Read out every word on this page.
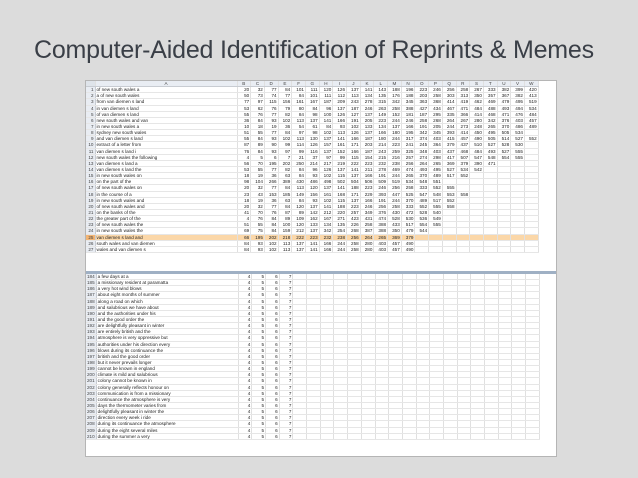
Computer-Aided Identification of Reprints & Memes
	A	B	C	D	E	F	G	H	I	J	K	L	M	N	O	P	Q	R	S	T	U	V	W
1	of new south wales a	20	32	77	84	101	111	120	126	137	141	143	188	196	223	246	256	258	267	333	382	399	420
2	a of new south wales	50	73	74	77	84	101	111	112	113	134	135	176	188	203	258	303	313	350	357	367	382	413
3	from van diemen s land	77	97	115	156	161	167	187	209	243	278	315	342	345	363	368	414	419	462	469	479	495	519
4	in van diemen s land	53	62	76	79	80	84	96	137	187	246	263	258	388	427	434	467	471	484	488	493	494	534
5	of van diemen s land	55	76	77	82	84	98	100	126	127	137	149	152	181	187	295	335	366	414	468	471	476	484
6	new south wales and van	36	84	93	102	113	137	141	166	191	205	223	244	246	258	268	264	267	280	342	376	403	457
7	in new south wales a	10	18	19	36	54	61	84	93	102	133	134	137	166	191	205	244	273	248	265	370	486	489
8	sydney new south wales	51	55	77	84	97	98	102	113	126	137	166	180	195	342	345	393	414	450	495	505	534	
9	and van diemen s land	55	84	93	102	113	130	137	141	166	187	180	244	317	374	403	415	457	490	505	514	527	552
10	extract of a letter from	87	89	90	99	114	126	157	161	171	203	214	223	241	245	364	379	437	510	527	528	530	
11	van diemen s land i	76	84	93	97	99	116	137	152	166	187	243	259	325	348	403	437	468	484	493	527	555	
12	new south wales the following	4	5	6	7	21	37	97	99	115	154	215	216	257	274	298	417	507	547	548	554	555	
13	van diemen s land a	56	70	195	202	250	214	217	219	222	223	232	238	256	264	265	369	379	390	471			
14	van diemen s land the	53	55	77	82	84	96	126	137	141	211	278	469	474	493	495	527	534	542				
15	in new south wales on	18	19	36	63	84	93	102	115	137	166	191	244	265	370	489	517	552					
16	on the part of the	98	104	266	389	430	486	498	502	504	506	509	519	534	548	551							
17	of new south wales on	20	32	77	84	113	120	137	141	188	223	246	256	258	333	552	555						
18	in the course of a	23	43	153	185	149	156	161	168	171	229	393	447	525	547	548	553	558					
19	in new south wales and	18	19	36	63	84	93	102	115	137	166	191	244	370	489	517	552						
20	of new south wales and	20	32	77	84	120	137	141	188	223	246	256	258	333	552	555	558						
21	on the banks of the	41	70	76	87	89	142	212	220	257	349	376	430	472	528	540							
22	the greater part of the	4	76	84	89	109	162	167	271	423	431	474	528	530	536	549							
23	of new south wales the	51	55	84	100	120	133	134	135	226	258	388	433	517	554	555							
24	in new south wales the	69	75	84	159	212	137	342	254	268	387	388	350	479	544								
25	van diemen s land and	66	195	202	218	222	223	232	238	256	264	265	369	379									
26	south wales and van diemen	84	93	102	113	137	141	166	244	258	280	403	457	490									
27	wales and van diemen s	84	93	102	113	137	141	166	244	258	280	403	457	490									
184	a few days at a	4	5	6	7																		
185	a missionary resident at paramatta	4	5	6	7																		
186	a very hot wind blows	4	5	6	7																		
187	about eight months of summer	4	5	6	7																		
188	along a road on which	4	5	6	7																		
189	and salubrious we have about	4	5	6	7																		
190	and the authorities under his	4	5	6	7																		
191	and the good order the	4	5	6	7																		
192	are delightfully pleasant in winter	4	5	6	7																		
193	are entirely british and the	4	5	6	7																		
194	atmosphere is very oppressive but	4	5	6	7																		
195	authorities under his direction every	4	5	6	7																		
196	blows during its continuance the	4	5	6	7																		
197	british and the good order	4	5	6	7																		
198	but it never prevails longer	4	5	6	7																		
199	cannot be known in england	4	5	6	7																		
200	climate is mild and salubrious	4	5	6	7																		
201	colony cannot be known in	4	5	6	7																		
202	colony generally reflects honour on	4	5	6	7																		
203	communication is from a missionary	4	5	6	7																		
204	continuance the atmosphere is very	4	5	6	7																		
205	days the thermometer varies from	4	5	6	7																		
206	delightfully pleasant in winter the	4	5	6	7																		
207	direction every week i ride	4	5	6	7																		
208	during its continuance the atmosphere	4	5	6	7																		
209	during the eight several miles	4	5	6	7																		
210	during the summer a very	4	5	6	7																		
